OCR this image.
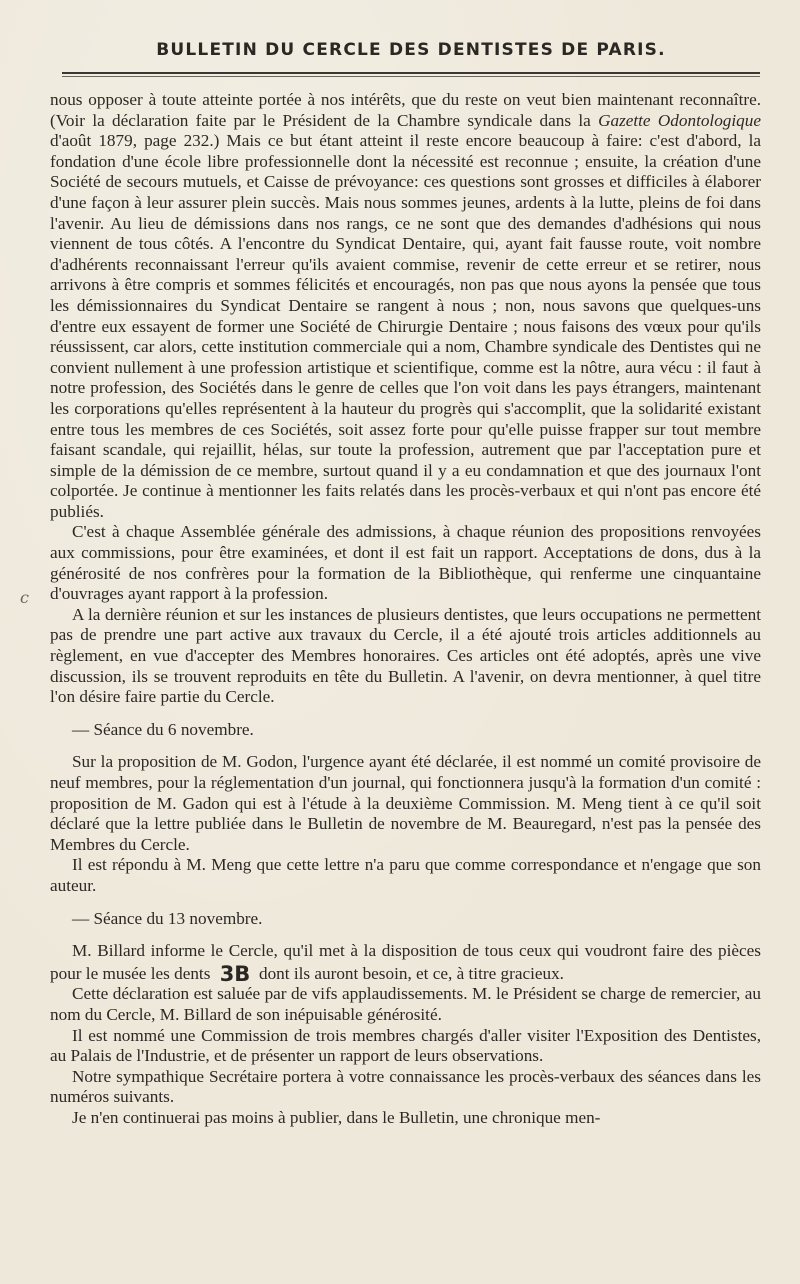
BULLETIN DU CERCLE DES DENTISTES DE PARIS.
c

nous opposer à toute atteinte portée à nos intérêts, que du reste on veut bien maintenant reconnaître. (Voir la déclaration faite par le Président de la Chambre syndicale dans la Gazette Odontologique d'août 1879, page 232.) Mais ce but étant atteint il reste encore beaucoup à faire: c'est d'abord, la fondation d'une école libre professionnelle dont la nécessité est reconnue ; ensuite, la création d'une Société de secours mutuels, et Caisse de prévoyance: ces questions sont grosses et difficiles à élaborer d'une façon à leur assurer plein succès. Mais nous sommes jeunes, ardents à la lutte, pleins de foi dans l'avenir. Au lieu de démissions dans nos rangs, ce ne sont que des demandes d'adhésions qui nous viennent de tous côtés. A l'encontre du Syndicat Dentaire, qui, ayant fait fausse route, voit nombre d'adhérents reconnaissant l'erreur qu'ils avaient commise, revenir de cette erreur et se retirer, nous arrivons à être compris et sommes félicités et encouragés, non pas que nous ayons la pensée que tous les démissionnaires du Syndicat Dentaire se rangent à nous ; non, nous savons que quelques-uns d'entre eux essayent de former une Société de Chirurgie Dentaire ; nous faisons des vœux pour qu'ils réussissent, car alors, cette institution commerciale qui a nom, Chambre syndicale des Dentistes qui ne convient nullement à une profession artistique et scientifique, comme est la nôtre, aura vécu : il faut à notre profession, des Sociétés dans le genre de celles que l'on voit dans les pays étrangers, maintenant les corporations qu'elles représentent à la hauteur du progrès qui s'accomplit, que la solidarité existant entre tous les membres de ces Sociétés, soit assez forte pour qu'elle puisse frapper sur tout membre faisant scandale, qui rejaillit, hélas, sur toute la profession, autrement que par l'acceptation pure et simple de la démission de ce membre, surtout quand il y a eu condamnation et que des journaux l'ont colportée. Je continue à mentionner les faits relatés dans les procès-verbaux et qui n'ont pas encore été publiés.

C'est à chaque Assemblée générale des admissions, à chaque réunion des propositions renvoyées aux commissions, pour être examinées, et dont il est fait un rapport. Acceptations de dons, dus à la générosité de nos confrères pour la formation de la Bibliothèque, qui renferme une cinquantaine d'ouvrages ayant rapport à la profession.

A la dernière réunion et sur les instances de plusieurs dentistes, que leurs occupations ne permettent pas de prendre une part active aux travaux du Cercle, il a été ajouté trois articles additionnels au règlement, en vue d'accepter des Membres honoraires. Ces articles ont été adoptés, après une vive discussion, ils se trouvent reproduits en tête du Bulletin. A l'avenir, on devra mentionner, à quel titre l'on désire faire partie du Cercle.

— Séance du 6 novembre.

Sur la proposition de M. Godon, l'urgence ayant été déclarée, il est nommé un comité provisoire de neuf membres, pour la réglementation d'un journal, qui fonctionnera jusqu'à la formation d'un comité : proposition de M. Gadon qui est à l'étude à la deuxième Commission. M. Meng tient à ce qu'il soit déclaré que la lettre publiée dans le Bulletin de novembre de M. Beauregard, n'est pas la pensée des Membres du Cercle.

Il est répondu à M. Meng que cette lettre n'a paru que comme correspondance et n'engage que son auteur.

— Séance du 13 novembre.

M. Billard informe le Cercle, qu'il met à la disposition de tous ceux qui voudront faire des pièces pour le musée les dents 3B dont ils auront besoin, et ce, à titre gracieux.

Cette déclaration est saluée par de vifs applaudissements. M. le Président se charge de remercier, au nom du Cercle, M. Billard de son inépuisable générosité.

Il est nommé une Commission de trois membres chargés d'aller visiter l'Exposition des Dentistes, au Palais de l'Industrie, et de présenter un rapport de leurs observations.

Notre sympathique Secrétaire portera à votre connaissance les procès-verbaux des séances dans les numéros suivants.

Je n'en continuerai pas moins à publier, dans le Bulletin, une chronique men-
